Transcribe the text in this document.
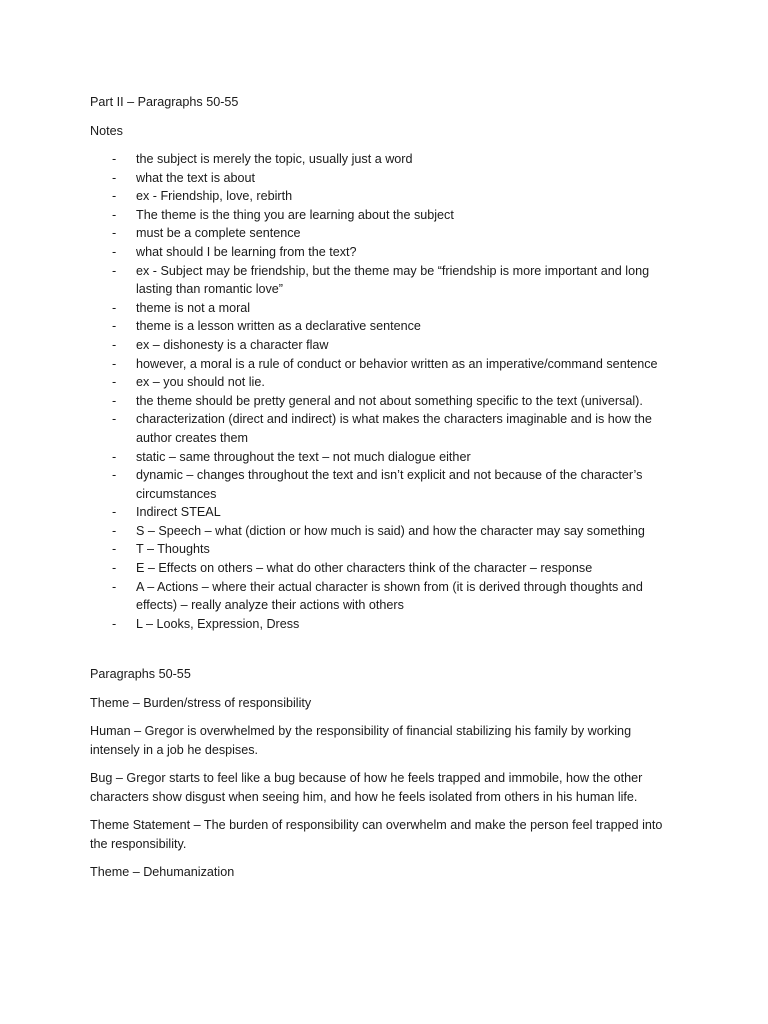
Part II – Paragraphs 50-55

Notes

- the subject is merely the topic, usually just a word
- what the text is about
- ex - Friendship, love, rebirth
- The theme is the thing you are learning about the subject
- must be a complete sentence
- what should I be learning from the text?
- ex - Subject may be friendship, but the theme may be “friendship is more important and long lasting than romantic love”
- theme is not a moral
- theme is a lesson written as a declarative sentence
- ex – dishonesty is a character flaw
- however, a moral is a rule of conduct or behavior written as an imperative/command sentence
- ex – you should not lie.
- the theme should be pretty general and not about something specific to the text (universal).
- characterization (direct and indirect) is what makes the characters imaginable and is how the author creates them
- static – same throughout the text – not much dialogue either
- dynamic – changes throughout the text and isn’t explicit and not because of the character’s circumstances
- Indirect STEAL
- S – Speech – what (diction or how much is said) and how the character may say something
- T – Thoughts
- E – Effects on others – what do other characters think of the character – response
- A – Actions – where their actual character is shown from (it is derived through thoughts and effects) – really analyze their actions with others
- L – Looks, Expression, Dress

Paragraphs 50-55

Theme – Burden/stress of responsibility

Human – Gregor is overwhelmed by the responsibility of financial stabilizing his family by working intensely in a job he despises.

Bug – Gregor starts to feel like a bug because of how he feels trapped and immobile, how the other characters show disgust when seeing him, and how he feels isolated from others in his human life.

Theme Statement – The burden of responsibility can overwhelm and make the person feel trapped into the responsibility.

Theme – Dehumanization
